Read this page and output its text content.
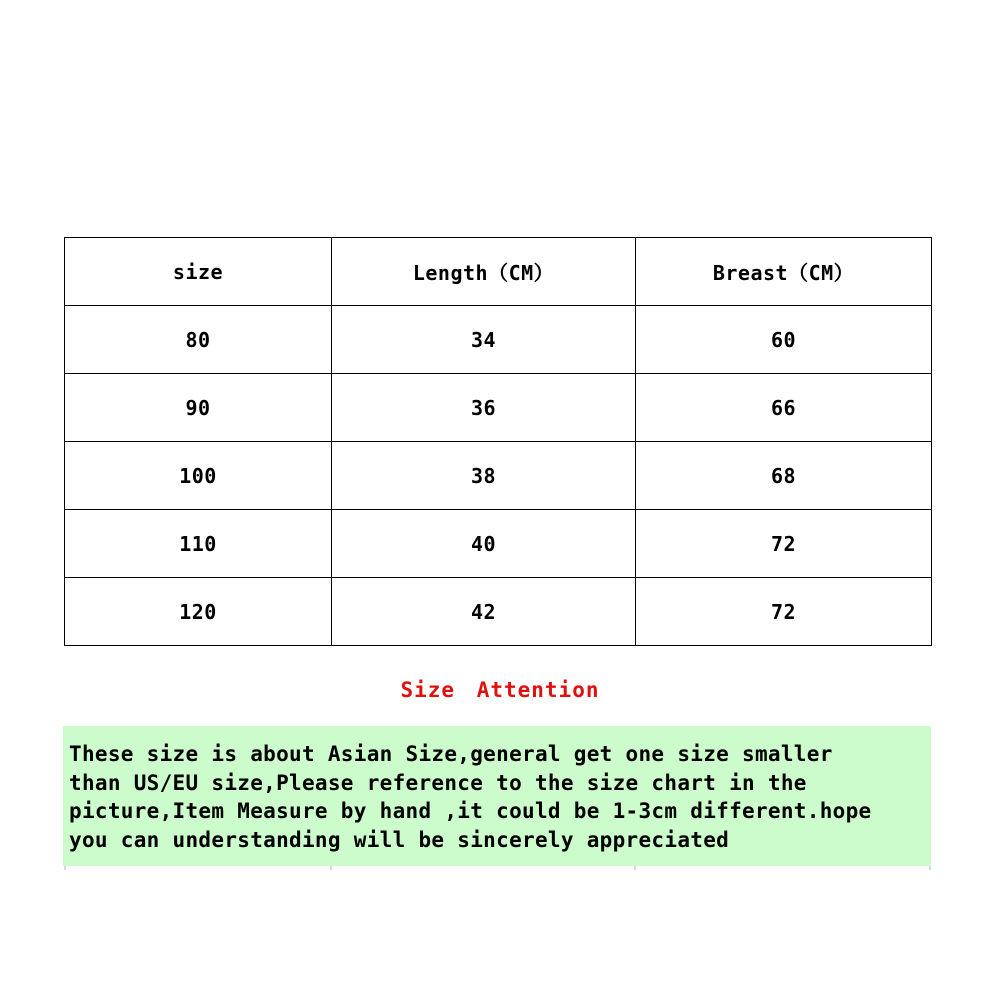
size	Length（CM）	Breast（CM）
80	34	60
90	36	66
100	38	68
110	40	72
120	42	72
Size Attention
These size is about Asian Size,general get one size smaller
than US/EU size,Please reference to the size chart in the
picture,Item Measure by hand ,it could be 1-3cm different.hope
you can understanding will be sincerely appreciated
